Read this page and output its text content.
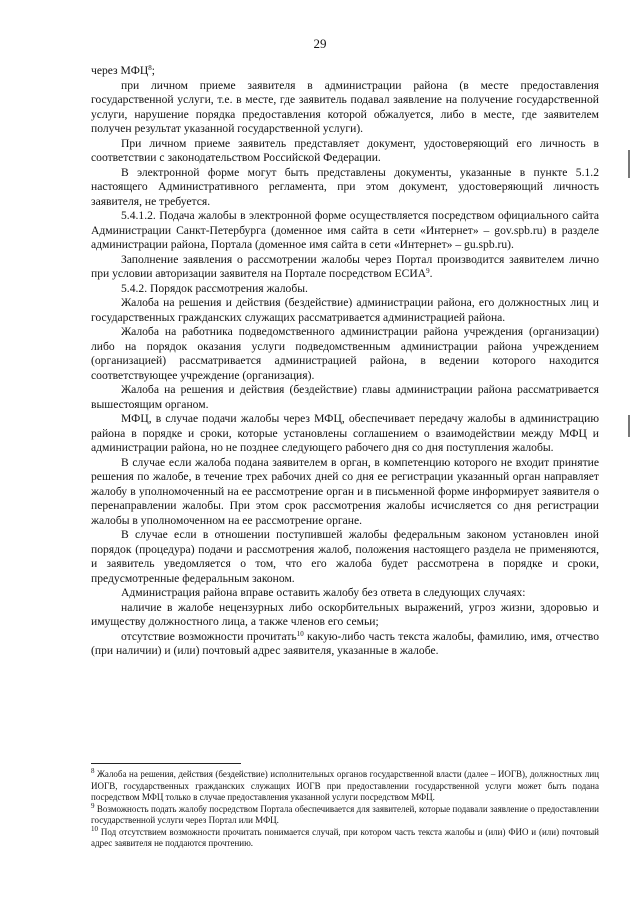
29

через МФЦ$^8$;

при личном приеме заявителя в администрации района (в месте предоставления государственной услуги, т.е. в месте, где заявитель подавал заявление на получение государственной услуги, нарушение порядка предоставления которой обжалуется, либо в месте, где заявителем получен результат указанной государственной услуги).

При личном приеме заявитель представляет документ, удостоверяющий его личность в соответствии с законодательством Российской Федерации.

В электронной форме могут быть представлены документы, указанные в пункте 5.1.2 настоящего Административного регламента, при этом документ, удостоверяющий личность заявителя, не требуется.

5.4.1.2. Подача жалобы в электронной форме осуществляется посредством официального сайта Администрации Санкт-Петербурга (доменное имя сайта в сети «Интернет» – gov.spb.ru) в разделе администрации района, Портала (доменное имя сайта в сети «Интернет» – gu.spb.ru).

Заполнение заявления о рассмотрении жалобы через Портал производится заявителем лично при условии авторизации заявителя на Портале посредством ЕСИА$^9$.

5.4.2. Порядок рассмотрения жалобы.

Жалоба на решения и действия (бездействие) администрации района, его должностных лиц и государственных гражданских служащих рассматривается администрацией района.

Жалоба на работника подведомственного администрации района учреждения (организации) либо на порядок оказания услуги подведомственным администрации района учреждением (организацией) рассматривается администрацией района, в ведении которого находится соответствующее учреждение (организация).

Жалоба на решения и действия (бездействие) главы администрации района рассматривается вышестоящим органом.

МФЦ, в случае подачи жалобы через МФЦ, обеспечивает передачу жалобы в администрацию района в порядке и сроки, которые установлены соглашением о взаимодействии между МФЦ и администрации района, но не позднее следующего рабочего дня со дня поступления жалобы.

В случае если жалоба подана заявителем в орган, в компетенцию которого не входит принятие решения по жалобе, в течение трех рабочих дней со дня ее регистрации указанный орган направляет жалобу в уполномоченный на ее рассмотрение орган и в письменной форме информирует заявителя о перенаправлении жалобы. При этом срок рассмотрения жалобы исчисляется со дня регистрации жалобы в уполномоченном на ее рассмотрение органе.

В случае если в отношении поступившей жалобы федеральным законом установлен иной порядок (процедура) подачи и рассмотрения жалоб, положения настоящего раздела не применяются, и заявитель уведомляется о том, что его жалоба будет рассмотрена в порядке и сроки, предусмотренные федеральным законом.

Администрация района вправе оставить жалобу без ответа в следующих случаях:

наличие в жалобе нецензурных либо оскорбительных выражений, угроз жизни, здоровью и имуществу должностного лица, а также членов его семьи;

отсутствие возможности прочитать$^{10}$ какую-либо часть текста жалобы, фамилию, имя, отчество (при наличии) и (или) почтовый адрес заявителя, указанные в жалобе.

$^8$ Жалоба на решения, действия (бездействие) исполнительных органов государственной власти (далее – ИОГВ), должностных лиц ИОГВ, государственных гражданских служащих ИОГВ при предоставлении государственной услуги может быть подана посредством МФЦ только в случае предоставления указанной услуги посредством МФЦ.

$^9$ Возможность подать жалобу посредством Портала обеспечивается для заявителей, которые подавали заявление о предоставлении государственной услуги через Портал или МФЦ.

$^{10}$ Под отсутствием возможности прочитать понимается случай, при котором часть текста жалобы и (или) ФИО и (или) почтовый адрес заявителя не поддаются прочтению.
